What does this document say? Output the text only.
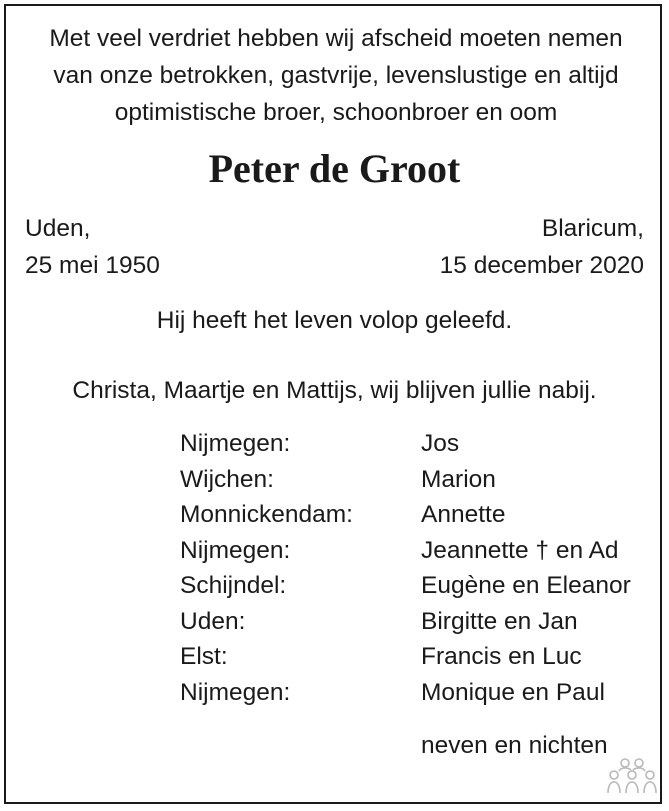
Met veel verdriet hebben wij afscheid moeten nemen
van onze betrokken, gastvrije, levenslustige en altijd
optimistische broer, schoonbroer en oom
Peter de Groot
Uden,
25 mei 1950
Blaricum,
15 december 2020
Hij heeft het leven volop geleefd.
Christa, Maartje en Mattijs, wij blijven jullie nabij.
Nijmegen:	Jos
Wijchen:	Marion
Monnickendam:	Annette
Nijmegen:	Jeannette † en Ad
Schijndel:	Eugène en Eleanor
Uden:	Birgitte en Jan
Elst:	Francis en Luc
Nijmegen:	Monique en Paul
neven en nichten
